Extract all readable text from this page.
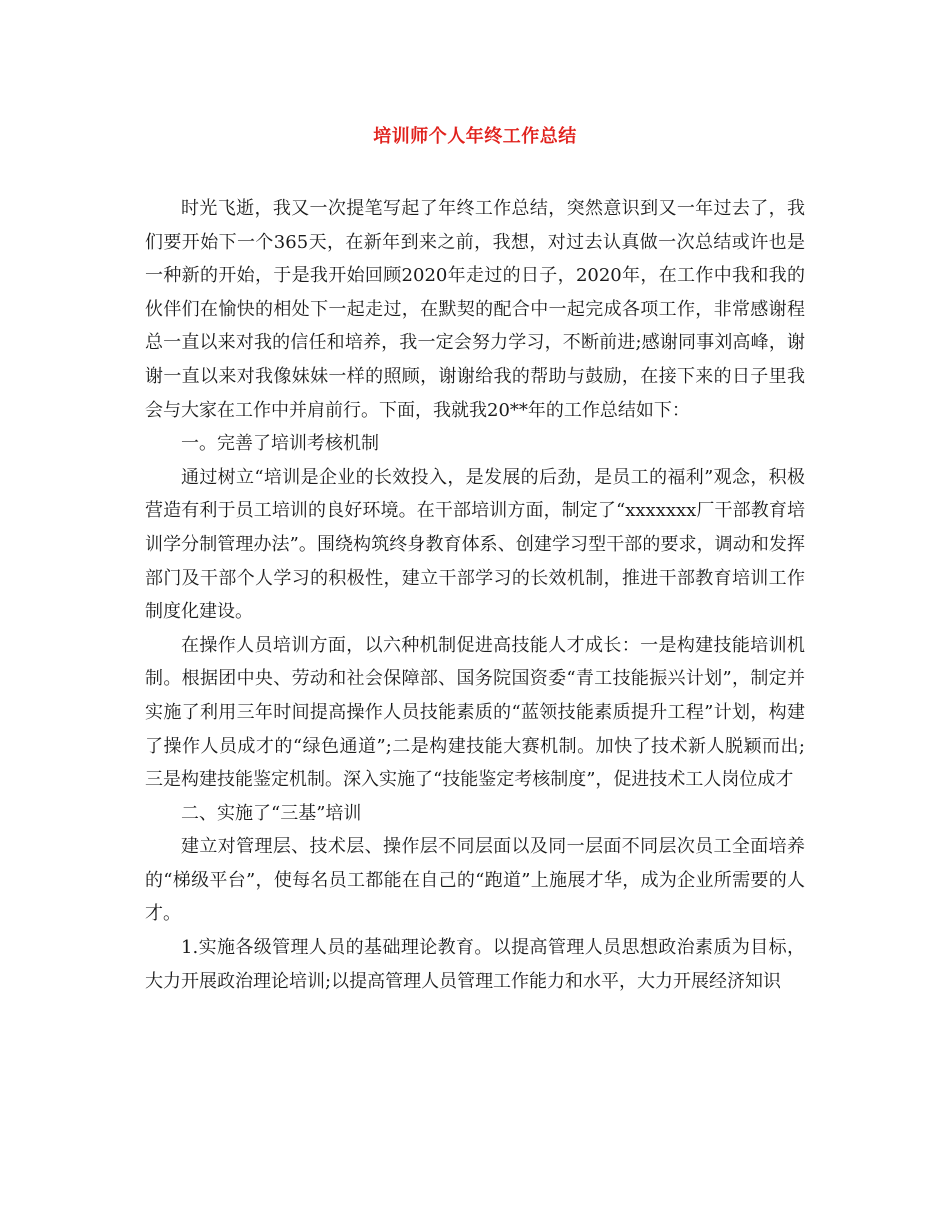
培训师个人年终工作总结

时光飞逝，我又一次提笔写起了年终工作总结，突然意识到又一年过去了，我们要开始下一个365天，在新年到来之前，我想，对过去认真做一次总结或许也是一种新的开始，于是我开始回顾2020年走过的日子，2020年，在工作中我和我的伙伴们在愉快的相处下一起走过，在默契的配合中一起完成各项工作，非常感谢程总一直以来对我的信任和培养，我一定会努力学习，不断前进;感谢同事刘高峰，谢谢一直以来对我像妹妹一样的照顾，谢谢给我的帮助与鼓励，在接下来的日子里我会与大家在工作中并肩前行。下面，我就我20**年的工作总结如下：

一。完善了培训考核机制

通过树立“培训是企业的长效投入，是发展的后劲，是员工的福利”观念，积极营造有利于员工培训的良好环境。在干部培训方面，制定了“xxxxxxx厂干部教育培训学分制管理办法”。围绕构筑终身教育体系、创建学习型干部的要求，调动和发挥部门及干部个人学习的积极性，建立干部学习的长效机制，推进干部教育培训工作制度化建设。

在操作人员培训方面，以六种机制促进高技能人才成长：一是构建技能培训机制。根据团中央、劳动和社会保障部、国务院国资委“青工技能振兴计划”，制定并实施了利用三年时间提高操作人员技能素质的“蓝领技能素质提升工程”计划，构建了操作人员成才的“绿色通道”;二是构建技能大赛机制。加快了技术新人脱颖而出;三是构建技能鉴定机制。深入实施了“技能鉴定考核制度”，促进技术工人岗位成才

二、实施了“三基”培训

建立对管理层、技术层、操作层不同层面以及同一层面不同层次员工全面培养的“梯级平台”，使每名员工都能在自己的“跑道”上施展才华，成为企业所需要的人才。

1.实施各级管理人员的基础理论教育。以提高管理人员思想政治素质为目标，大力开展政治理论培训;以提高管理人员管理工作能力和水平，大力开展经济知识
